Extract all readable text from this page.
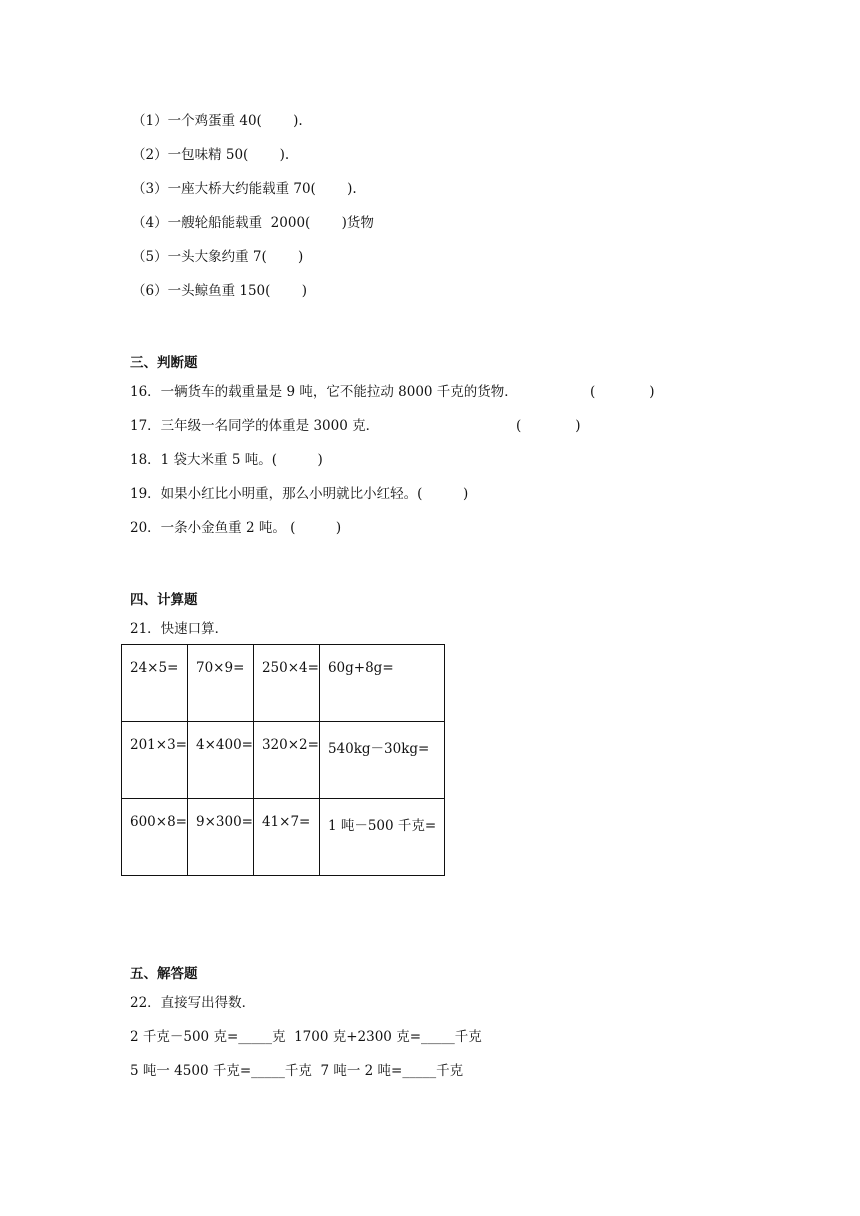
（1）一个鸡蛋重 40(　 　).
（2）一包味精 50(　 　).
（3）一座大桥大约能载重 70(　 　).
（4）一艘轮船能载重  2000(　 　)货物
（5）一头大象约重 7(　 　)
（6）一头鲸鱼重 150(　 　)
三、判断题
16．一辆货车的载重量是 9 吨，它不能拉动 8000 千克的货物．	(　　　　)
17．三年级一名同学的体重是 3000 克．	(　　　　)
18．1 袋大米重 5 吨。(　　　)
19．如果小红比小明重，那么小明就比小红轻。(　　　)
20．一条小金鱼重 2 吨。 (　　　)
四、计算题
21．快速口算．
24×5=	70×9=	250×4=	60g+8g=
201×3=	4×400=	320×2=	540kg－30kg=
600×8=	9×300=	41×7=	1 吨－500 千克=
五、解答题
22．直接写出得数．
2 千克－500 克=_____克  1700 克+2300 克=_____千克
5 吨一 4500 千克=_____千克  7 吨一 2 吨=_____千克
